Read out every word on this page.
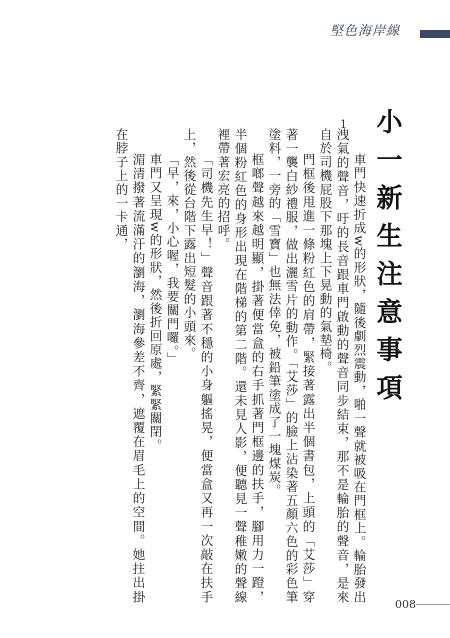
堅色海岸線
小一新生注意事項
1

車門快速折成w的形狀，隨後劇烈震動，啪一聲就被吸在門框上。輪胎發出洩氣的聲音，吁的長音跟車門啟動的聲音同步結束，那不是輪胎的聲音，是來自於司機屁股下那塊上下晃動的氣墊椅。

門框後甩進一條粉紅色的肩帶，緊接著露出半個書包，上頭的「艾莎」穿著一襲白紗禮服，做出灑雪片的動作。「艾莎」的臉上沾染著五顏六色的彩色筆塗料，一旁的「雪寶」也無法倖免，被鉛筆塗成了一塊煤炭。

框啷聲越來越明顯，掛著便當盒的右手抓著門框邊的扶手，腳用力一蹬，半個粉紅色的身形出現在階梯的第二階。還未見人影，便聽見一聲稚嫩的聲線裡帶著宏亮的招呼。

「司機先生早！」聲音跟著不穩的小身軀搖晃，便當盒又再一次敲在扶手上，然後從台階下露出短髮的小頭來。

「早，來，小心喔，我要關門囉。」

車門又呈現w的形狀，然後折回原處，緊緊關閉。

湄清撥著流滿汗的瀏海，瀏海參差不齊，遮覆在眉毛上的空間。她拄出掛在脖子上的一卡通，

008
